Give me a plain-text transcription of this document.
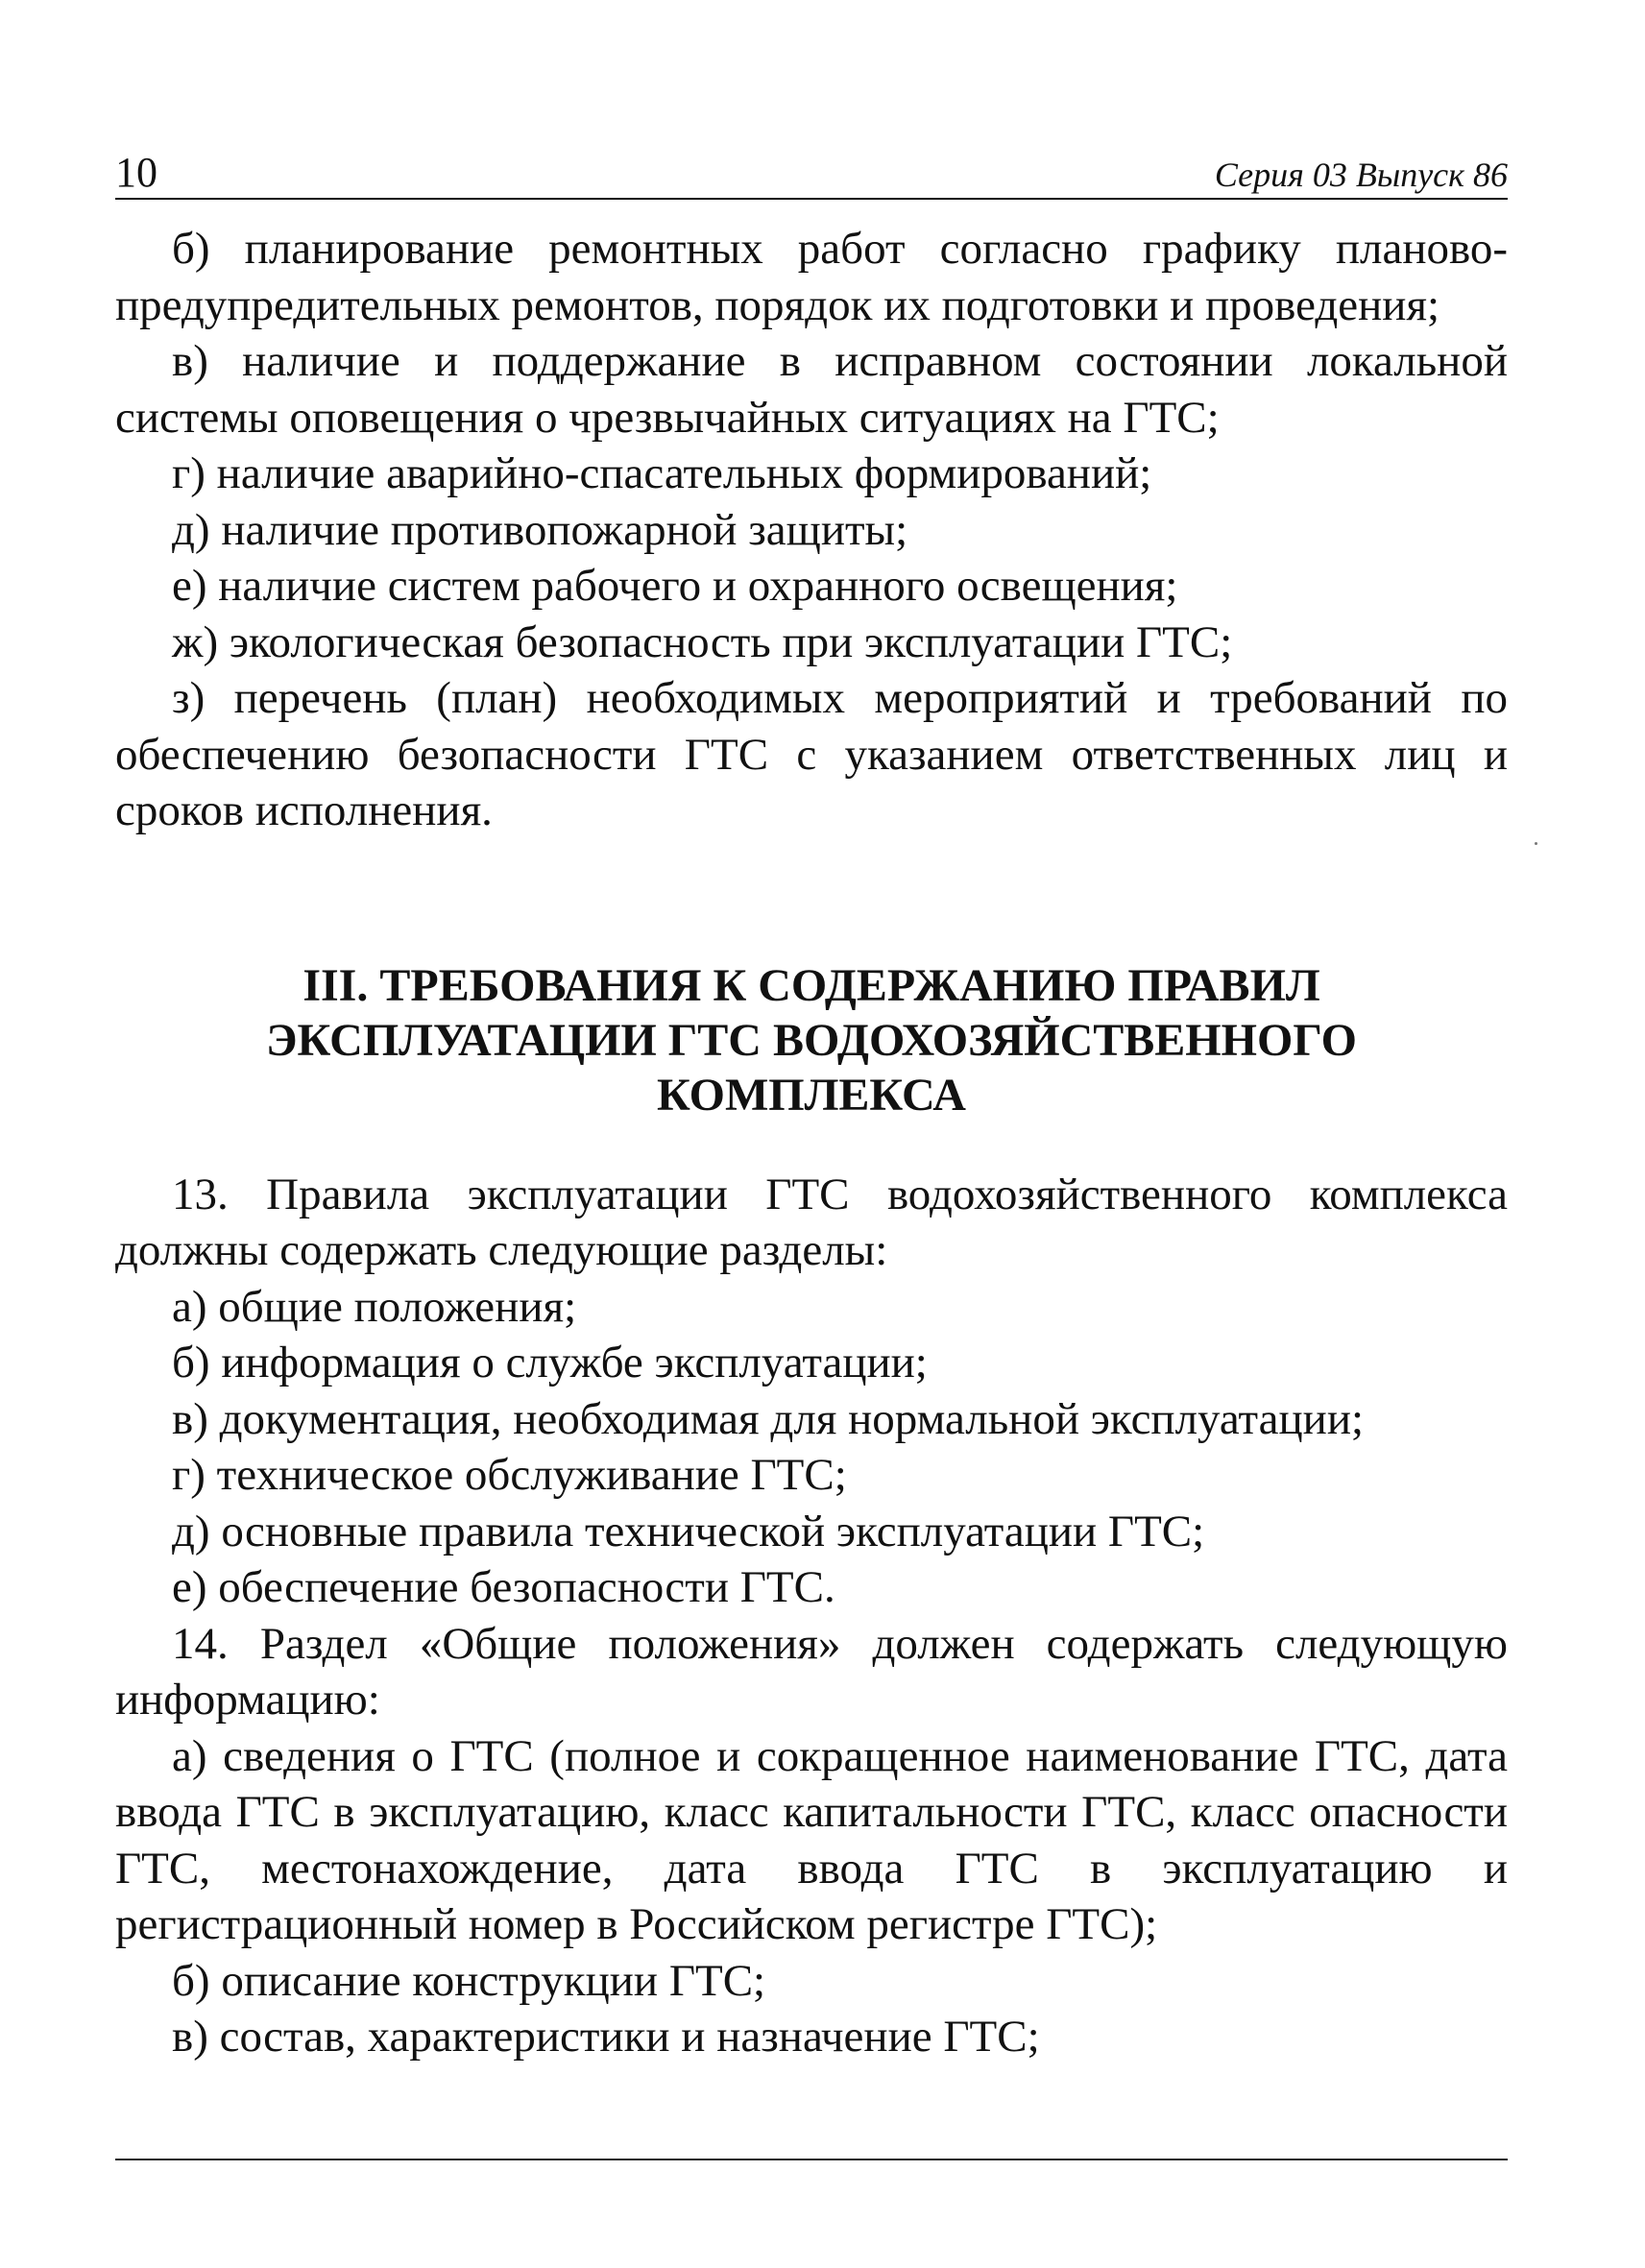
10	Серия 03 Выпуск 86

б) планирование ремонтных работ согласно графику планово-предупредительных ремонтов, порядок их подготовки и проведения;

в) наличие и поддержание в исправном состоянии локальной системы оповещения о чрезвычайных ситуациях на ГТС;

г) наличие аварийно-спасательных формирований;

д) наличие противопожарной защиты;

е) наличие систем рабочего и охранного освещения;

ж) экологическая безопасность при эксплуатации ГТС;

з) перечень (план) необходимых мероприятий и требований по обеспечению безопасности ГТС с указанием ответственных лиц и сроков исполнения.

III. ТРЕБОВАНИЯ К СОДЕРЖАНИЮ ПРАВИЛ ЭКСПЛУАТАЦИИ ГТС ВОДОХОЗЯЙСТВЕННОГО КОМПЛЕКСА

13. Правила эксплуатации ГТС водохозяйственного комплекса должны содержать следующие разделы:

а) общие положения;

б) информация о службе эксплуатации;

в) документация, необходимая для нормальной эксплуатации;

г) техническое обслуживание ГТС;

д) основные правила технической эксплуатации ГТС;

е) обеспечение безопасности ГТС.

14. Раздел «Общие положения» должен содержать следующую информацию:

а) сведения о ГТС (полное и сокращенное наименование ГТС, дата ввода ГТС в эксплуатацию, класс капитальности ГТС, класс опасности ГТС, местонахождение, дата ввода ГТС в эксплуатацию и регистрационный номер в Российском регистре ГТС);

б) описание конструкции ГТС;

в) состав, характеристики и назначение ГТС;
